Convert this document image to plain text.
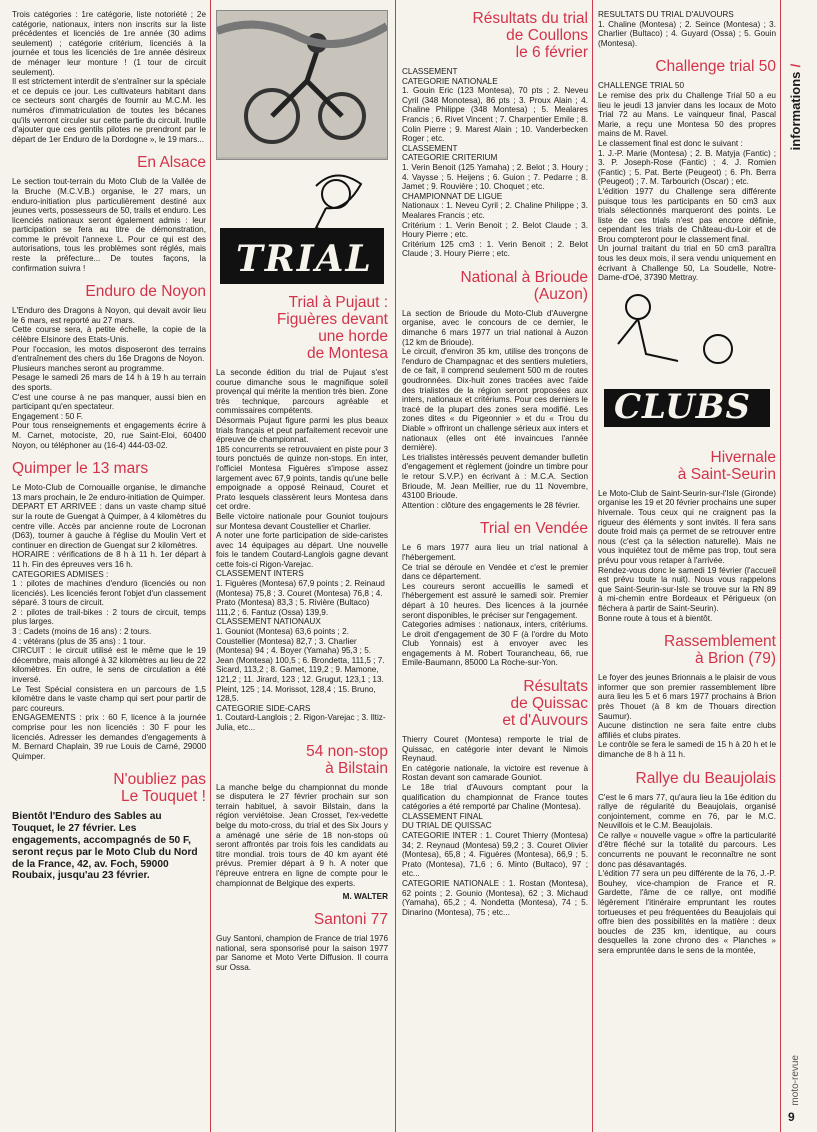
Trois catégories : 1re catégorie, liste notoriété ; 2e catégorie, nationaux, inters non inscrits sur la liste précédentes et licenciés de 1re année (30 adims seulement) ; catégorie critérium, licenciés à la journée et tous les licenciés de 1re année désireux de ménager leur monture ! (1 tour de circuit seulement).
Il est strictement interdit de s'entraîner sur la spéciale et ce depuis ce jour. Les cultivateurs habitant dans ce secteurs sont chargés de fournir au M.C.M. les numéros d'immatriculation de toutes les bécanes qu'ils verront circuler sur cette partie du circuit. Inutile d'ajouter que ces gentils pilotes ne prendront par le départ de 1er Enduro de la Dordogne », le 19 mars...

En Alsace

Le section tout-terrain du Moto Club de la Vallée de la Bruche (M.C.V.B.) organise, le 27 mars, un enduro-initiation plus particulièrement destiné aux jeunes verts, possesseurs de 50, trails et enduro. Les licenciés nationaux seront également admis : leur participation se fera au titre de démonstration, comme le prévoit l'annexe L. Pour ce qui est des autorisations, tous les problèmes sont réglés, mais reste la préfecture... De toutes façons, la confirmation suivra !

Enduro de Noyon

L'Enduro des Dragons à Noyon, qui devait avoir lieu le 6 mars, est reporté au 27 mars.
Cette course sera, à petite échelle, la copie de la célèbre Elsinore des Etats-Unis.
Pour l'occasion, les motos disposeront des terrains d'entraînement des chers du 16e Dragons de Noyon.
Plusieurs manches seront au programme.
Pesage le samedi 26 mars de 14 h à 19 h au terrain des sports.
C'est une course à ne pas manquer, aussi bien en participant qu'en spectateur.
Engagement : 50 F.
Pour tous renseignements et engagements écrire à M. Carnet, motociste, 20, rue Saint-Eloi, 60400 Noyon, ou téléphoner au (16-4) 444-03-02.

Quimper le 13 mars

Le Moto-Club de Cornouaille organise, le dimanche 13 mars prochain, le 2e enduro-initiation de Quimper.
DEPART ET ARRIVEE : dans un vaste champ situé sur la route de Guengat à Quimper, à 4 kilomètres du centre ville. Accès par ancienne route de Locronan (D63), tourner à gauche à l'église du Moulin Vert et continuer en direction de Guengat sur 2 kilomètres.
HORAIRE : vérifications de 8 h à 11 h. 1er départ à 11 h. Fin des épreuves vers 16 h.
CATEGORIES ADMISES :
1 : pilotes de machines d'enduro (licenciés ou non licenciés). Les licenciés feront l'objet d'un classement séparé. 3 tours de circuit.
2 : pilotes de trail-bikes : 2 tours de circuit, temps plus larges.
3 : Cadets (moins de 16 ans) : 2 tours.
4 : vétérans (plus de 35 ans) : 1 tour.
CIRCUIT : le circuit utilisé est le même que le 19 décembre, mais allongé à 32 kilomètres au lieu de 22 kilomètres. En outre, le sens de circulation a été inversé.
Le Test Spécial consistera en un parcours de 1,5 kilomètre dans le vaste champ qui sert pour partir de parc coureurs.
ENGAGEMENTS : prix : 60 F, licence à la journée comprise pour les non licenciés : 30 F pour les licenciés. Adresser les demandes d'engagements à M. Bernard Chaplain, 39 rue Louis de Carné, 29000 Quimper.

N'oubliez pas
Le Touquet !

Bientôt l'Enduro des Sables au Touquet, le 27 février. Les engagements, accompagnés de 50 F, seront reçus par le Moto Club du Nord de la France, 42, av. Foch, 59000 Roubaix, jusqu'au 23 février.

TRIAL
Trial à Pujaut :
Figuères devant
une horde
de Montesa

La seconde édition du trial de Pujaut s'est courue dimanche sous le magnifique soleil provençal qui mérite la mention très bien. Zone très technique, parcours agréable et commissaires compétents.
Désormais Pujaut figure parmi les plus beaux trials français et peut parfaitement recevoir une épreuve de championnat.
185 concurrents se retrouvaient en piste pour 3 tours ponctués de quinze non-stops. En inter, l'officiel Montesa Figuères s'impose assez largement avec 67,9 points, tandis qu'une belle empoignade a opposé Reinaud, Couret et Prato lesquels classèrent leurs Montesa dans cet ordre.
Belle victoire nationale pour Gouniot toujours sur Montesa devant Coustellier et Charlier.
A noter une forte participation de side-caristes avec 14 équipages au départ. Une nouvelle fois le tandem Coutard-Langlois gagne devant cette fois-ci Rigon-Varejac.

CLASSEMENT INTERS
1. Figuères (Montesa) 67,9 points ; 2. Reinaud (Montesa) 75,8 ; 3. Couret (Montesa) 76,8 ; 4. Prato (Montesa) 83,3 ; 5. Rivière (Bultaco) 111,2 ; 6. Fantuz (Ossa) 139,9.
CLASSEMENT NATIONAUX
1. Gouniot (Montesa) 63,6 points ; 2. Coustellier (Montesa) 82,7 ; 3. Charlier (Montesa) 94 ; 4. Boyer (Yamaha) 95,3 ; 5. Jean (Montesa) 100,5 ; 6. Brondetta, 111,5 ; 7. Sicard, 113,2 ; 8. Gamet, 119,2 ; 9. Mamone, 121,2 ; 11. Jirard, 123 ; 12. Grugut, 123,1 ; 13. Pleint, 125 ; 14. Morissot, 128,4 ; 15. Bruno, 128,5.
CATEGORIE SIDE-CARS
1. Coutard-Langlois ; 2. Rigon-Varejac ; 3. Iltiz-Julia, etc...

54 non-stop
à Bilstain

La manche belge du championnat du monde se disputera le 27 février prochain sur son terrain habituel, à savoir Bilstain, dans la région verviétoise. Jean Crosset, l'ex-vedette belge du moto-cross, du trial et des Six Jours y a aménagé une série de 18 non-stops où seront affrontés par trois fois les candidats au titre mondial. trois tours de 40 km ayant été prévus. Premier départ à 9 h. A noter que l'épreuve entrera en ligne de compte pour le championnat de Belgique des experts.

M. WALTER

Santoni 77

Guy Santoni, champion de France de trial 1976 national, sera sponsorisé pour la saison 1977 par Sanome et Moto Verte Diffusion. Il courra sur Ossa.

Résultats du trial
de Coullons
le 6 février

CLASSEMENT
CATEGORIE NATIONALE
1. Gouin Eric (123 Montesa), 70 pts ; 2. Neveu Cyril (348 Monotesa), 86 pts ; 3. Proux Alain ; 4. Chaline Philippe (348 Montesa) ; 5. Mealares Francis ; 6. Rivet Vincent ; 7. Charpentier Emile ; 8. Colin Pierre ; 9. Marest Alain ; 10. Vanderbecken Roger ; etc.
CLASSEMENT
CATEGORIE CRITERIUM
1. Verin Benoit (125 Yamaha) ; 2. Belot ; 3. Houry ; 4. Vaysse ; 5. Heijens ; 6. Guion ; 7. Pedarre ; 8. Jamet ; 9. Rouvière ; 10. Choquet ; etc.
CHAMPIONNAT DE LIGUE
Nationaux : 1. Neveu Cyril ; 2. Chaline Philippe ; 3. Mealares Francis ; etc.
Critérium : 1. Verin Benoit ; 2. Belot Claude ; 3. Houry Pierre ; etc.
Critérium 125 cm3 : 1. Verin Benoit ; 2. Belot Claude ; 3. Houry Pierre ; etc.

National à Brioude
(Auzon)

La section de Brioude du Moto-Club d'Auvergne organise, avec le concours de ce dernier, le dimanche 6 mars 1977 un trial national à Auzon (12 km de Brioude).
Le circuit, d'environ 35 km, utilise des tronçons de l'enduro de Champagnac et des sentiers muletiers, de ce fait, il comprend seulement 500 m de routes goudronnées. Dix-huit zones tracées avec l'aide des trialistes de la région seront proposées aux inters, nationaux et critériums. Pour ces derniers le tracé de la plupart des zones sera modifié. Les zones dites « du Pigeonnier » et du « Trou du Diable » offriront un challenge sérieux aux inters et nationaux (elles ont été invaincues l'année dernière).
Les trialistes intéressés peuvent demander bulletin d'engagement et règlement (joindre un timbre pour le retour S.V.P.) en écrivant à : M.C.A. Section Brioude, M. Jean Meillier, rue du 11 Novembre, 43100 Brioude.
Attention : clôture des engagements le 28 février.

Trial en Vendée

Le 6 mars 1977 aura lieu un trial national à l'hébergement.
Ce trial se déroule en Vendée et c'est le premier dans ce département.
Les coureurs seront accueillis le samedi et l'hébergement est assuré le samedi soir. Premier départ à 10 heures. Des licences à la journée seront disponibles, le préciser sur l'engagement.
Categories admises : nationaux, inters, critériums. Le droit d'engagement de 30 F (à l'ordre du Moto Club Yonnais) est à envoyer avec les engagements à M. Robert Tourancheau, 66, rue Emile-Baumann, 85000 La Roche-sur-Yon.

Résultats
de Quissac
et d'Auvours

Thierry Couret (Montesa) remporte le trial de Quissac, en catégorie inter devant le Nimois Reynaud.
En catégorie nationale, la victoire est revenue à Rostan devant son camarade Gouniot.
Le 18e trial d'Auvours comptant pour la qualification du championnat de France toutes catégories a été remporté par Chaline (Montesa).
CLASSEMENT FINAL
DU TRIAL DE QUISSAC
CATEGORIE INTER : 1. Couret Thierry (Montesa) 34; 2. Reynaud (Montesa) 59,2 ; 3. Couret Olivier (Montesa), 65,8 ; 4. Figuères (Montesa), 66,9 ; 5. Prato (Montesa), 71,6 ; 6. Minto (Bultaco), 97 ; etc...
CATEGORIE NATIONALE : 1. Rostan (Montesa), 62 points ; 2. Gounio (Montesa), 62 ; 3. Michaud (Yamaha), 65,2 ; 4. Nondetta (Montesa), 74 ; 5. Dinarino (Montesa), 75 ; etc...

RESULTATS DU TRIAL D'AUVOURS
1. Chaline (Montesa) ; 2. Seince (Montesa) ; 3. Charlier (Bultaco) ; 4. Guyard (Ossa) ; 5. Gouin (Montesa).

Challenge trial 50

CHALLENGE TRIAL 50
Le remise des prix du Challenge Trial 50 a eu lieu le jeudi 13 janvier dans les locaux de Moto Trial 72 au Mans. Le vainqueur final, Pascal Marie, a reçu une Montesa 50 des propres mains de M. Ravel.
Le classement final est donc le suivant :
1. J.-P. Marie (Montesa) ; 2. B. Matyja (Fantic) ; 3. P. Joseph-Rose (Fantic) ; 4. J. Romien (Fantic) ; 5. Pat. Berte (Peugeot) ; 6. Ph. Berra (Peugeot) ; 7. M. Tarbourich (Oscar) ; etc.
L'édition 1977 du Challenge sera différente puisque tous les participants en 50 cm3 aux trials sélectionnés marqueront des points. Le liste de ces trials n'est pas encore définie, cependant les trials de Château-du-Loir et de Brou compteront pour le classement final.
Un journal traitant du trial en 50 cm3 paraîtra tous les deux mois, il sera vendu uniquement en écrivant à Challenge 50, La Soudelle, Notre-Dame-d'Oé, 37390 Mettray.

CLUBS
Hivernale
à Saint-Seurin

Le Moto-Club de Saint-Seurin-sur-l'Isle (Gironde) organise les 19 et 20 février prochains une super hivernale. Tous ceux qui ne craignent pas la rigueur des éléments y sont invités. Il fera sans doute froid mais ça permet de se retrouver entre nous (c'est ça la sélection naturelle). Mais ne vous inquiétez tout de même pas trop, tout sera prévu pour vous retaper à l'arrivée.
Rendez-vous donc le samedi 19 février (l'accueil est prévu toute la nuit). Nous vous rappelons que Saint-Seurin-sur-Isle se trouve sur la RN 89 à mi-chemin entre Bordeaux et Périgueux (on fléchera à partir de Saint-Seurin).
Bonne route à tous et à bientôt.

Rassemblement
à Brion (79)

Le foyer des jeunes Brionnais a le plaisir de vous informer que son premier rassemblement libre aura lieu les 5 et 6 mars 1977 prochains à Brion près Thouet (à 8 km de Thouars direction Saumur).
Aucune distinction ne sera faite entre clubs affiliés et clubs pirates.
Le contrôle se fera le samedi de 15 h à 20 h et le dimanche de 8 h à 11 h.

Rallye du Beaujolais

C'est le 6 mars 77, qu'aura lieu la 16e édition du rallye de régularité du Beaujolais, organisé conjointement, comme en 76, par le M.C. Neuvillois et le C.M. Beaujolais.
Ce rallye « nouvelle vague » offre la particularité d'être fléché sur la totalité du parcours. Les concurrents ne pouvant le reconnaître ne sont donc pas désavantagés.
L'édition 77 sera un peu différente de la 76, J.-P. Bouhey, vice-champion de France et R. Gardette, l'âme de ce rallye, ont modifié légèrement l'itinéraire empruntant les routes tortueuses et peu fréquentées du Beaujolais qui offre bien des possibilités en la matière : deux boucles de 235 km, identique, au cours desquelles la zone chrono des « Planches » sera empruntée dans le sens de la montée,

informations/
moto-revue
9
